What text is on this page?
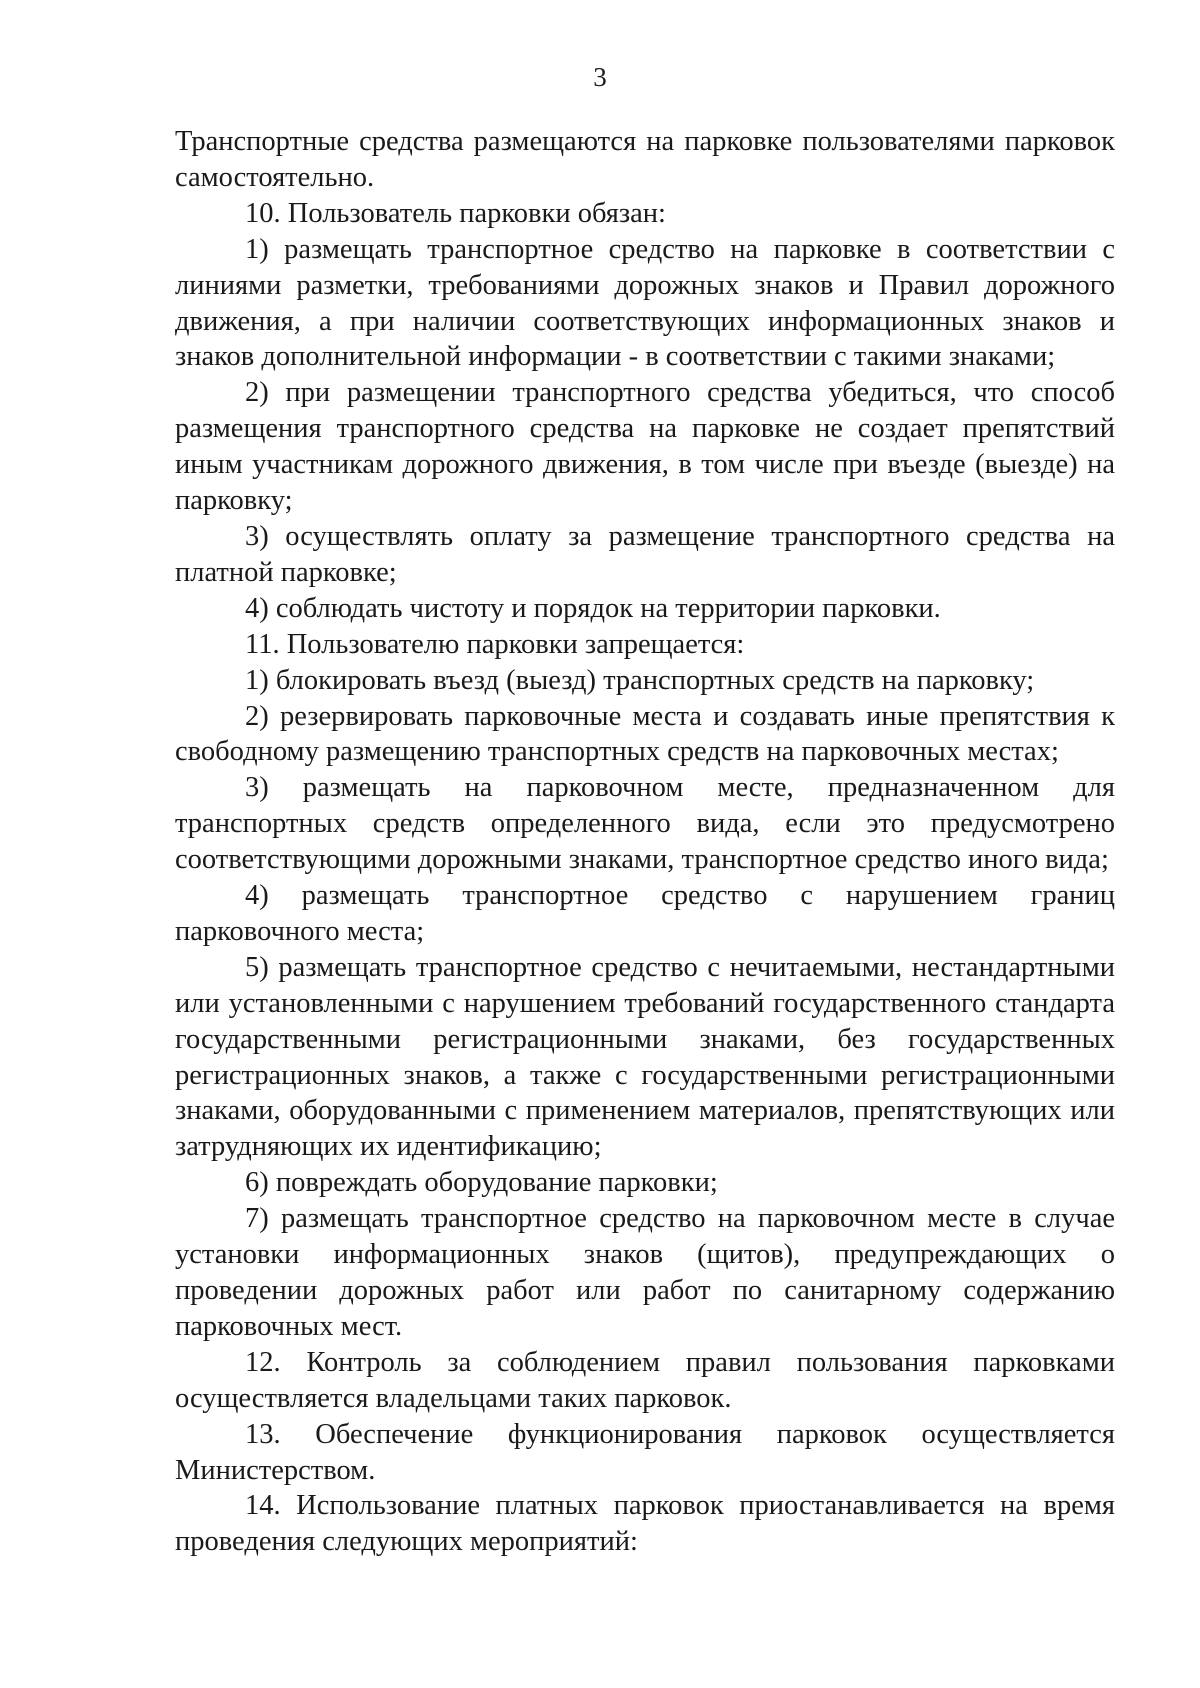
3

Транспортные средства размещаются на парковке пользователями парковок самостоятельно.

10. Пользователь парковки обязан:

1) размещать транспортное средство на парковке в соответствии с линиями разметки, требованиями дорожных знаков и Правил дорожного движения, а при наличии соответствующих информационных знаков и знаков дополнительной информации - в соответствии с такими знаками;

2) при размещении транспортного средства убедиться, что способ размещения транспортного средства на парковке не создает препятствий иным участникам дорожного движения, в том числе при въезде (выезде) на парковку;

3) осуществлять оплату за размещение транспортного средства на платной парковке;

4) соблюдать чистоту и порядок на территории парковки.

11. Пользователю парковки запрещается:

1) блокировать въезд (выезд) транспортных средств на парковку;

2) резервировать парковочные места и создавать иные препятствия к свободному размещению транспортных средств на парковочных местах;

3) размещать на парковочном месте, предназначенном для транспортных средств определенного вида, если это предусмотрено соответствующими дорожными знаками, транспортное средство иного вида;

4) размещать транспортное средство с нарушением границ парковочного места;

5) размещать транспортное средство с нечитаемыми, нестандартными или установленными с нарушением требований государственного стандарта государственными регистрационными знаками, без государственных регистрационных знаков, а также с государственными регистрационными знаками, оборудованными с применением материалов, препятствующих или затрудняющих их идентификацию;

6) повреждать оборудование парковки;

7) размещать транспортное средство на парковочном месте в случае установки информационных знаков (щитов), предупреждающих о проведении дорожных работ или работ по санитарному содержанию парковочных мест.

12. Контроль за соблюдением правил пользования парковками осуществляется владельцами таких парковок.

13. Обеспечение функционирования парковок осуществляется Министерством.

14. Использование платных парковок приостанавливается на время проведения следующих мероприятий:
